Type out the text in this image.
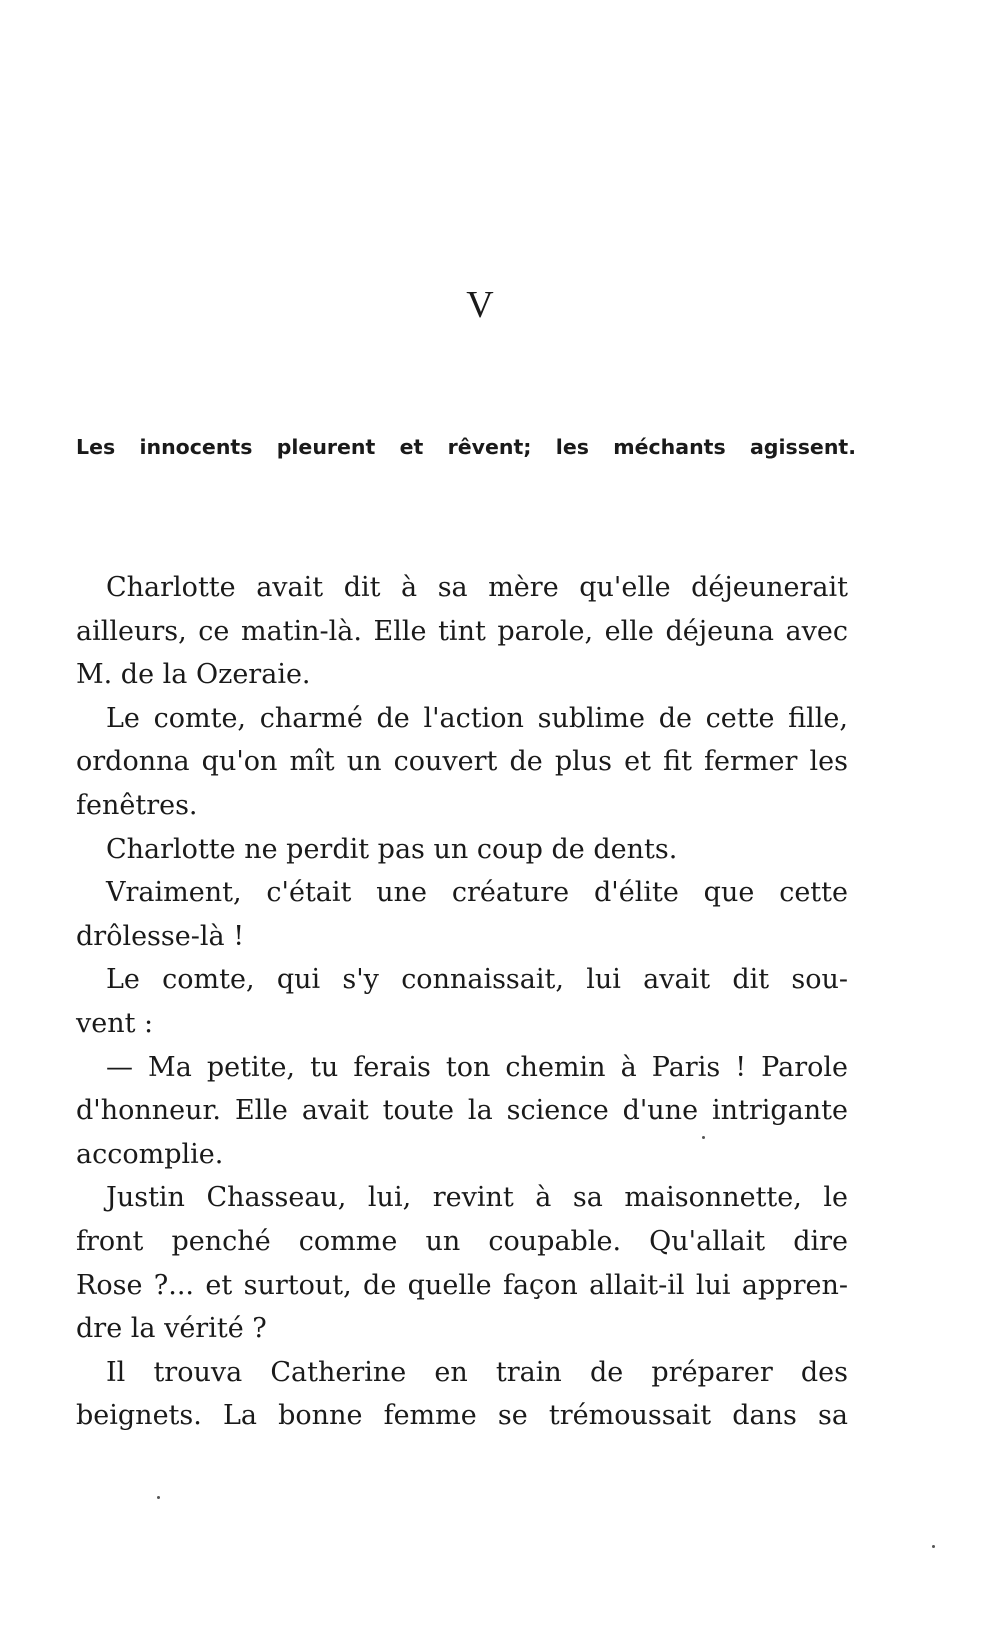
V
Les innocents pleurent et rêvent; les méchants agissent.
Charlotte avait dit à sa mère qu'elle déjeunerait
ailleurs, ce matin-là. Elle tint parole, elle déjeuna avec
M. de la Ozeraie.
Le comte, charmé de l'action sublime de cette fille,
ordonna qu'on mît un couvert de plus et fit fermer les
fenêtres.
Charlotte ne perdit pas un coup de dents.
Vraiment, c'était une créature d'élite que cette
drôlesse-là !
Le comte, qui s'y connaissait, lui avait dit sou-
vent :
— Ma petite, tu ferais ton chemin à Paris ! Parole
d'honneur. Elle avait toute la science d'une intrigante
accomplie.
Justin Chasseau, lui, revint à sa maisonnette, le
front penché comme un coupable. Qu'allait dire
Rose ?... et surtout, de quelle façon allait-il lui appren-
dre la vérité ?
Il trouva Catherine en train de préparer des
beignets. La bonne femme se trémoussait dans sa
